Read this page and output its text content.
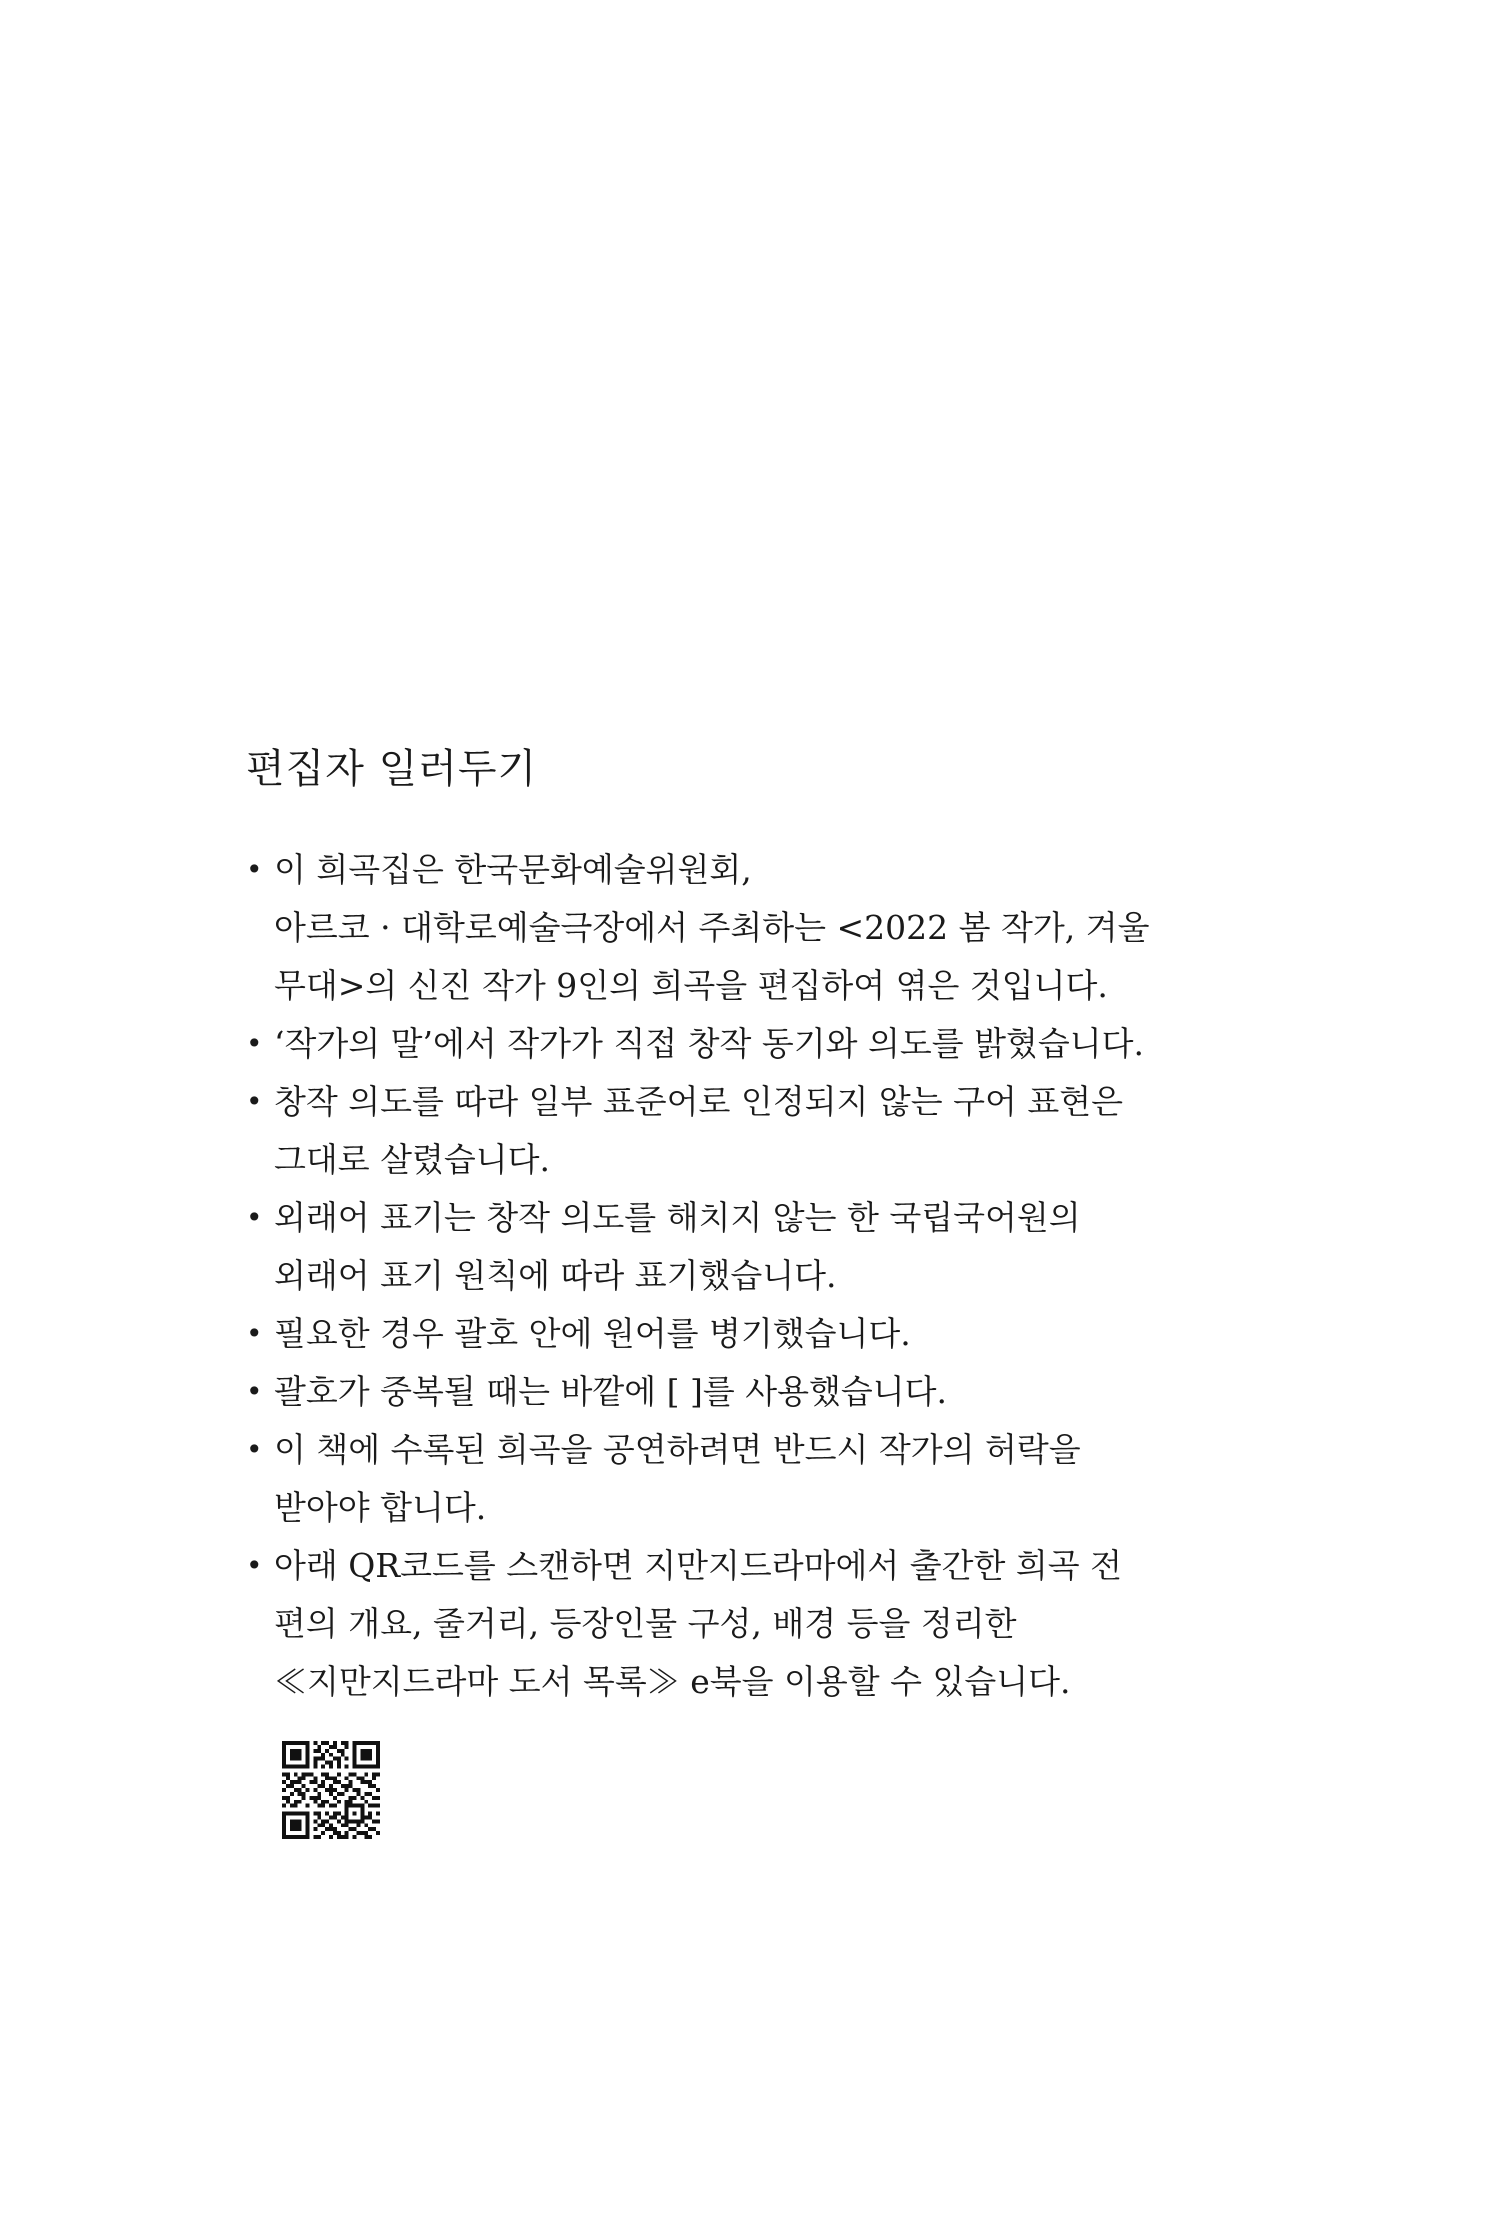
편집자 일러두기
• 이 희곡집은 한국문화예술위원회,
아르코 · 대학로예술극장에서 주최하는 <2022 봄 작가, 겨울
무대>의 신진 작가 9인의 희곡을 편집하여 엮은 것입니다.
• ‘작가의 말’에서 작가가 직접 창작 동기와 의도를 밝혔습니다.
• 창작 의도를 따라 일부 표준어로 인정되지 않는 구어 표현은
그대로 살렸습니다.
• 외래어 표기는 창작 의도를 해치지 않는 한 국립국어원의
외래어 표기 원칙에 따라 표기했습니다.
• 필요한 경우 괄호 안에 원어를 병기했습니다.
• 괄호가 중복될 때는 바깥에 [ ]를 사용했습니다.
• 이 책에 수록된 희곡을 공연하려면 반드시 작가의 허락을
받아야 합니다.
• 아래 QR코드를 스캔하면 지만지드라마에서 출간한 희곡 전
편의 개요, 줄거리, 등장인물 구성, 배경 등을 정리한
≪지만지드라마 도서 목록≫ e북을 이용할 수 있습니다.
